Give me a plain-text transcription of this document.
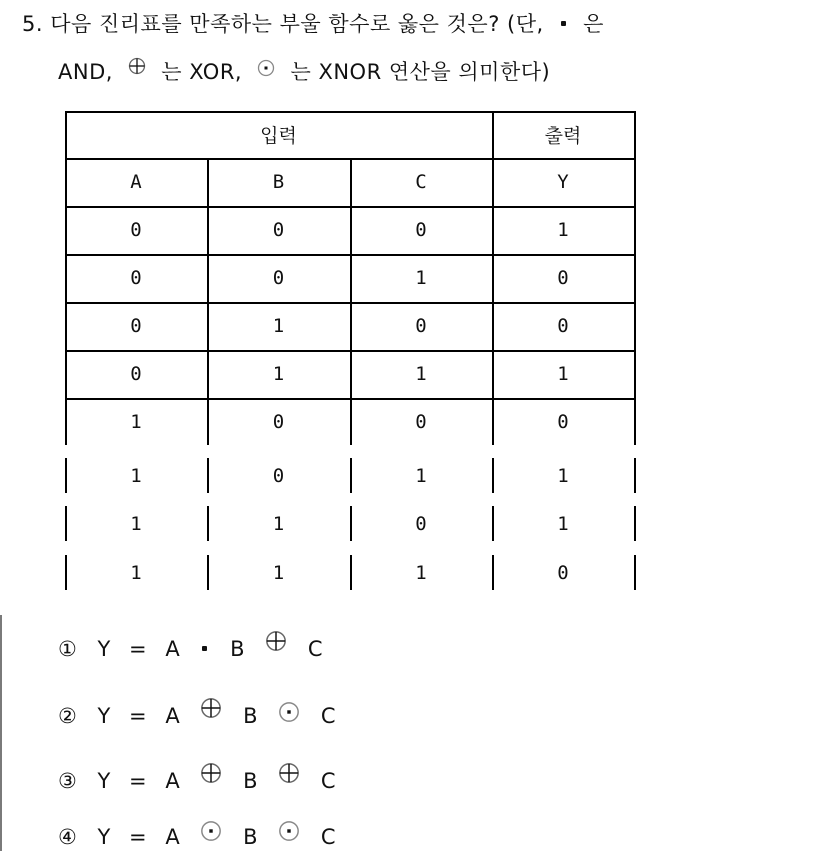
5. 다음 진리표를 만족하는 부울 함수로 옳은 것은? (단, 은
AND, 는 XOR, 는 XNOR 연산을 의미한다)
입력	출력
A	B	C	Y
0	0	0	1
0	0	1	0
0	1	0	0
0	1	1	1
1	0	0	0
1	0	1	1
1	1	0	1
1	1	1	0
① Y = A B	C
② Y = A	B	C
③ Y = A	B	C
④ Y = A	B	C
